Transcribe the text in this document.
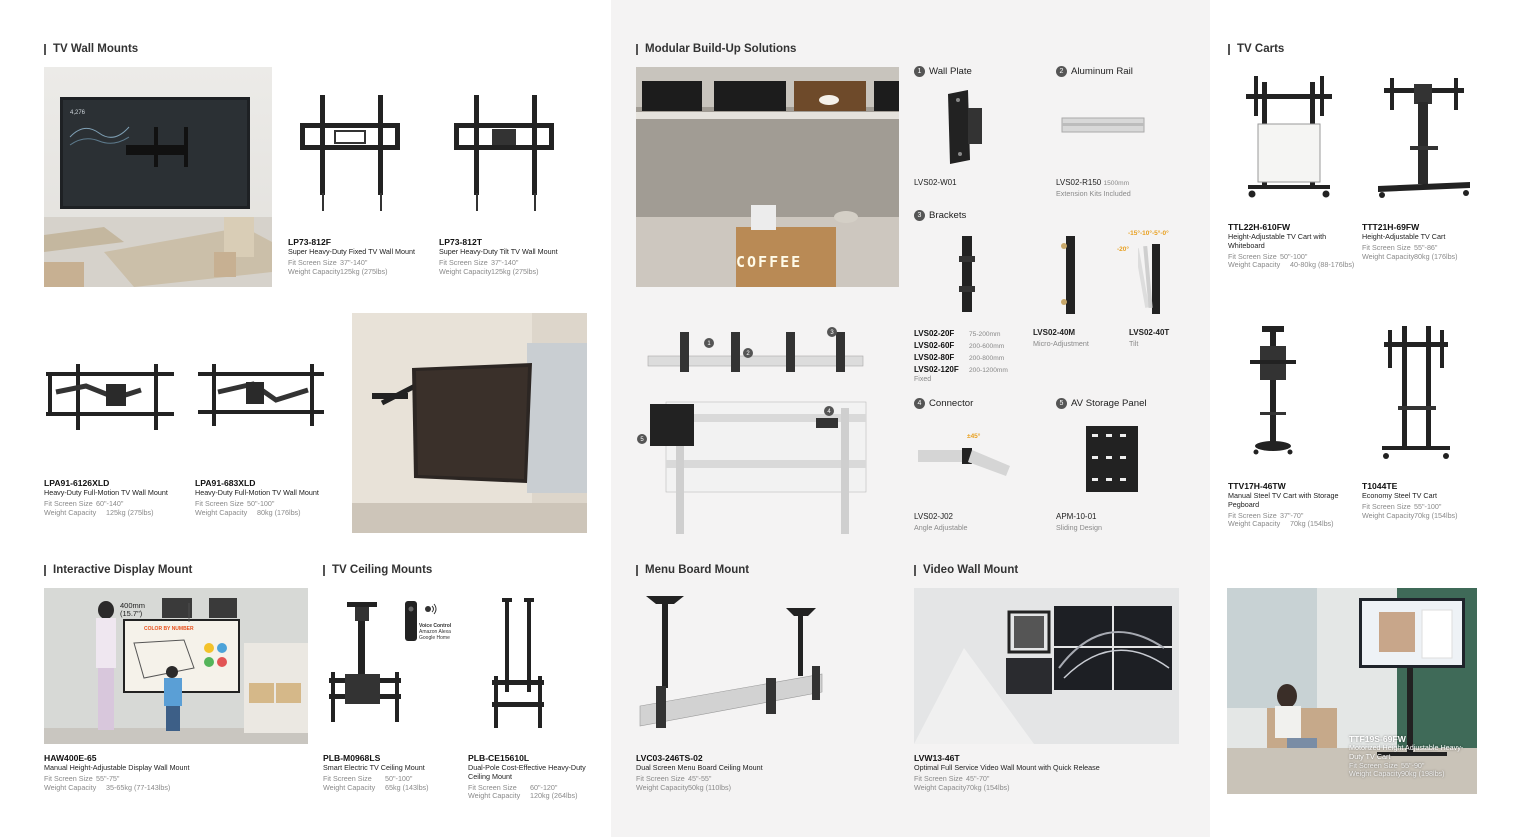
TV Wall Mounts
4,276
LP73-812F
Super Heavy-Duty Fixed TV Wall Mount
Fit Screen Size 37"-140"
Weight Capacity125kg (275lbs)
LP73-812T
Super Heavy-Duty Tilt TV Wall Mount
Fit Screen Size 37"-140"
Weight Capacity125kg (275lbs)
LPA91-6126XLD
Heavy-Duty Full-Motion TV Wall Mount
Fit Screen Size 60"-140"
Weight Capacity 125kg (275lbs)
LPA91-683XLD
Heavy-Duty Full-Motion TV Wall Mount
Fit Screen Size 50"-100"
Weight Capacity 80kg (176lbs)
Interactive Display Mount
COLOR BY NUMBER
400mm
(15.7")
HAW400E-65
Manual Height-Adjustable Display Wall Mount
Fit Screen Size 55"-75"
Weight Capacity 35-65kg (77-143lbs)
TV Ceiling Mounts
Voice Control
Amazon Alexa
Google Home
PLB-M0968LS
Smart Electric TV Ceiling Mount
Fit Screen Size 50"-100"
Weight Capacity 65kg (143lbs)
PLB-CE15610L
Dual-Pole Cost-Effective Heavy-Duty Ceiling Mount
Fit Screen Size 60"-120"
Weight Capacity 120kg (264lbs)
Modular Build-Up Solutions
COFFEE
1 Wall Plate	2 Aluminum Rail
3 Brackets
4 Connector	5 AV Storage Panel
LVS02-W01	LVS02-R150 1500mm
Extension Kits Included
-15°-10°-5°-0°
-20°
LVS02-20F 75-200mm
LVS02-60F 200-600mm
LVS02-80F 200-800mm
LVS02-120F 200-1200mm
Fixed
LVS02-40M
Micro-Adjustment
LVS02-40T
Tilt
±45°
LVS02-J02
Angle Adjustable
APM-10-01
Sliding Design
1
2
3
4
5
Menu Board Mount
LVC03-246TS-02
Dual Screen Menu Board Ceiling Mount
Fit Screen Size 45"-55"
Weight Capacity50kg (110lbs)
Video Wall Mount
LVW13-46T
Optimal Full Service Video Wall Mount with Quick Release
Fit Screen Size 45"-70"
Weight Capacity70kg (154lbs)
TV Carts
TTL22H-610FW
Height-Adjustable TV Cart with Whiteboard
Fit Screen Size 50"-100"
Weight Capacity 40-80kg (88-176lbs)
TTT21H-69FW
Height-Adjustable TV Cart
Fit Screen Size 55"-86"
Weight Capacity80kg (176lbs)
TTV17H-46TW
Manual Steel TV Cart with Storage Pegboard
Fit Screen Size 37"-70"
Weight Capacity 70kg (154lbs)
T1044TE
Economy Steel TV Cart
Fit Screen Size 55"-100"
Weight Capacity70kg (154lbs)
TTF19S-69FW
Motorized Height Adjustable Heavy-Duty TV Cart
Fit Screen Size 55"-90"
Weight Capacity90kg (198lbs)
